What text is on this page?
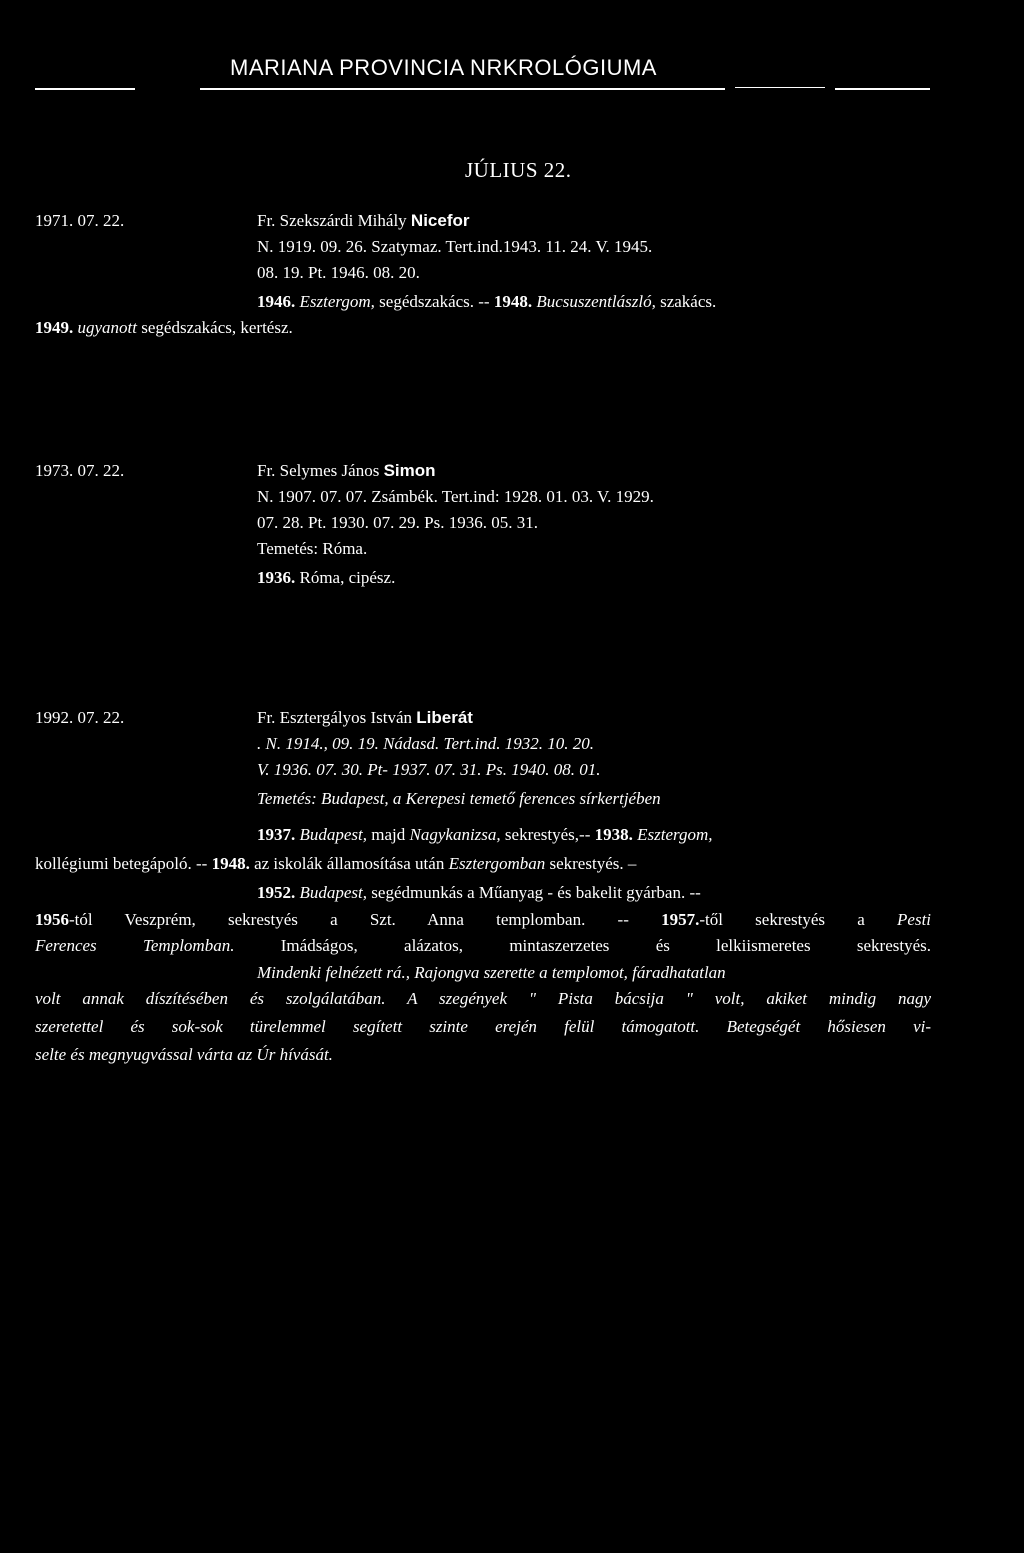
MARIANA PROVINCIA NRKROLÓGIUMA
JÚLIUS 22.
1971. 07. 22.	Fr. Szekszárdi Mihály Nicefor
N. 1919. 09. 26. Szatymaz. Tert.ind.1943. 11. 24. V. 1945.
08. 19. Pt. 1946. 08. 20.
1946. Esztergom, segédszakács. -- 1948. Bucsuszentlászló, szakács.
1949. ugyanott segédszakács, kertész.
1973. 07. 22.	Fr. Selymes János Simon
N. 1907. 07. 07. Zsámbék. Tert.ind: 1928. 01. 03. V. 1929.
07. 28. Pt. 1930. 07. 29. Ps. 1936. 05. 31.
Temetés: Róma.
1936. Róma, cipész.
1992. 07. 22.	Fr. Esztergályos István Liberát
. N. 1914., 09. 19. Nádasd. Tert.ind. 1932. 10. 20.
V. 1936. 07. 30. Pt- 1937. 07. 31. Ps. 1940. 08. 01.
Temetés: Budapest, a Kerepesi temető ferences sírkertjében
1937. Budapest, majd Nagykanizsa, sekrestyés,-- 1938. Esztergom,
kollégiumi betegápoló. -- 1948. az iskolák államosítása után Esztergomban sekrestyés. –
1952. Budapest, segédmunkás a Műanyag - és bakelit gyárban. --
1956-tól Veszprém, sekrestyés a Szt. Anna templomban. -- 1957.-től sekrestyés a Pesti
Ferences Templomban.	Imádságos, alázatos, mintaszerzetes és lelkiismeretes sekrestyés.
Mindenki felnézett rá., Rajongva szerette a templomot, fáradhatatlan
volt annak díszítésében és szolgálatában. A szegények " Pista bácsija " volt, akiket mindig nagy
szeretettel és sok-sok türelemmel segített szinte erején felül támogatott. Betegségét hősiesen vi-
selte és megnyugvással várta az Úr hívását.
